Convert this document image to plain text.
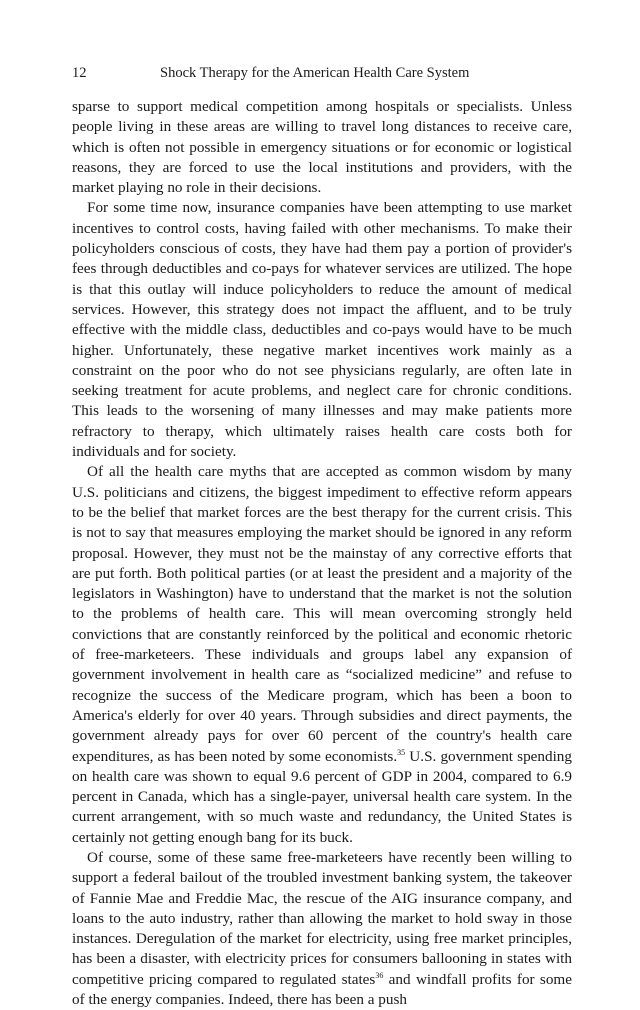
12	Shock Therapy for the American Health Care System

sparse to support medical competition among hospitals or specialists. Unless people living in these areas are willing to travel long distances to receive care, which is often not possible in emergency situations or for economic or logistical reasons, they are forced to use the local institutions and providers, with the market playing no role in their decisions.

For some time now, insurance companies have been attempting to use market incentives to control costs, having failed with other mechanisms. To make their policyholders conscious of costs, they have had them pay a portion of provider's fees through deductibles and co-pays for whatever services are utilized. The hope is that this outlay will induce policyholders to reduce the amount of medical services. However, this strategy does not impact the affluent, and to be truly effective with the middle class, deductibles and co-pays would have to be much higher. Unfortunately, these negative market incentives work mainly as a constraint on the poor who do not see physicians regularly, are often late in seeking treatment for acute problems, and neglect care for chronic conditions. This leads to the worsening of many illnesses and may make patients more refractory to therapy, which ultimately raises health care costs both for individuals and for society.

Of all the health care myths that are accepted as common wisdom by many U.S. politicians and citizens, the biggest impediment to effective reform appears to be the belief that market forces are the best therapy for the current crisis. This is not to say that measures employing the market should be ignored in any reform proposal. However, they must not be the mainstay of any corrective efforts that are put forth. Both political parties (or at least the president and a majority of the legislators in Washington) have to understand that the market is not the solution to the problems of health care. This will mean overcoming strongly held convictions that are constantly reinforced by the political and economic rhetoric of free-marketeers. These individuals and groups label any expansion of government involvement in health care as “socialized medicine” and refuse to recognize the success of the Medicare program, which has been a boon to America's elderly for over 40 years. Through subsidies and direct payments, the government already pays for over 60 percent of the country's health care expenditures, as has been noted by some economists.$^{35}$ U.S. government spending on health care was shown to equal 9.6 percent of GDP in 2004, compared to 6.9 percent in Canada, which has a single-payer, universal health care system. In the current arrangement, with so much waste and redundancy, the United States is certainly not getting enough bang for its buck.

Of course, some of these same free-marketeers have recently been willing to support a federal bailout of the troubled investment banking system, the takeover of Fannie Mae and Freddie Mac, the rescue of the AIG insurance company, and loans to the auto industry, rather than allowing the market to hold sway in those instances. Deregulation of the market for electricity, using free market principles, has been a disaster, with electricity prices for consumers ballooning in states with competitive pricing compared to regulated states$^{36}$ and windfall profits for some of the energy companies. Indeed, there has been a push
